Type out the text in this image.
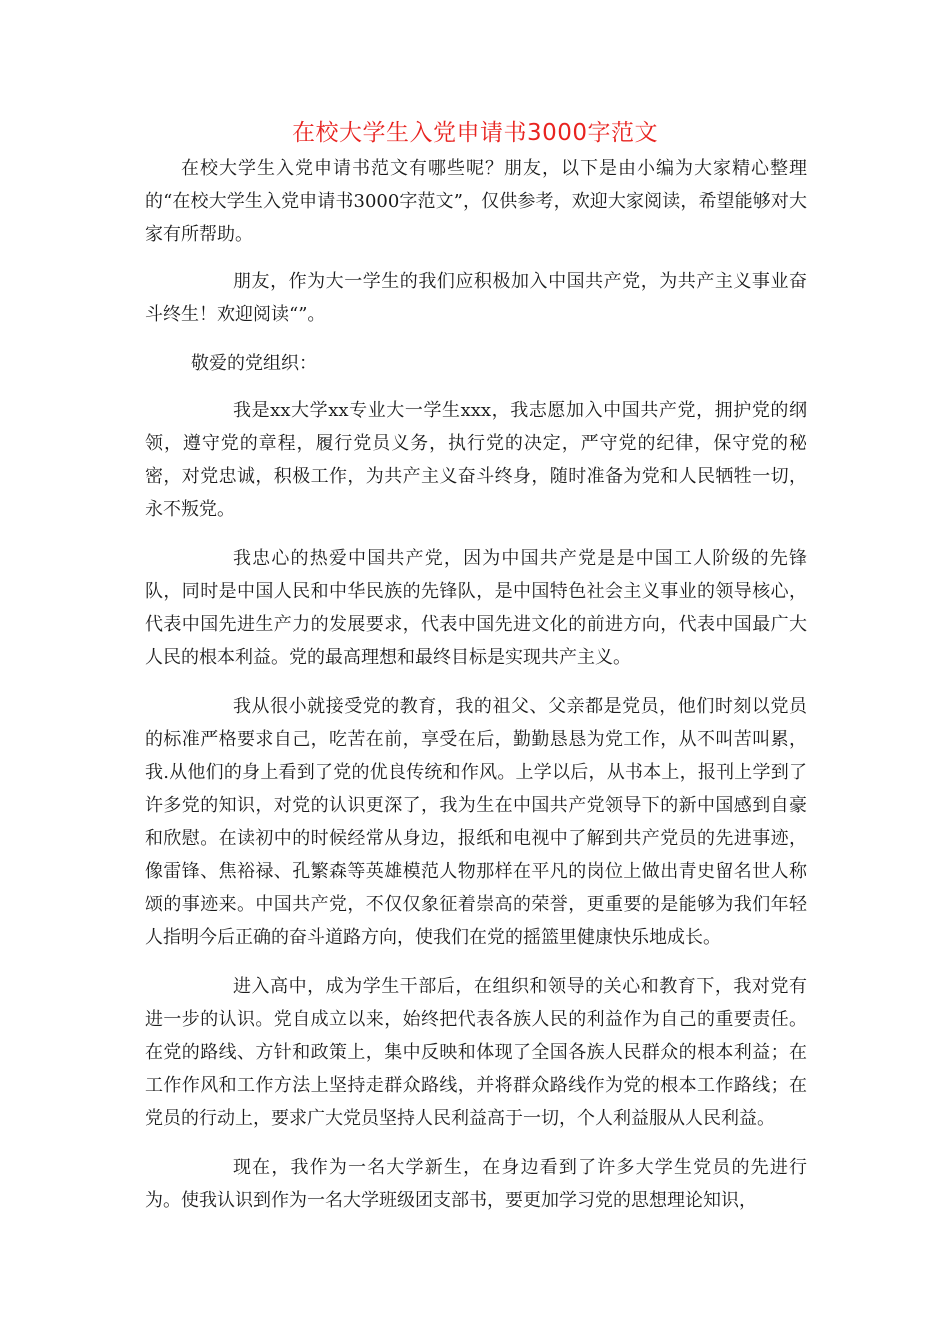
在校大学生入党申请书3000字范文

在校大学生入党申请书范文有哪些呢？朋友，以下是由小编为大家精心整理的“在校大学生入党申请书3000字范文”，仅供参考，欢迎大家阅读，希望能够对大家有所帮助。

朋友，作为大一学生的我们应积极加入中国共产党，为共产主义事业奋斗终生！欢迎阅读“”。

敬爱的党组织：

我是xx大学xx专业大一学生xxx，我志愿加入中国共产党，拥护党的纲领，遵守党的章程，履行党员义务，执行党的决定，严守党的纪律，保守党的秘密，对党忠诚，积极工作，为共产主义奋斗终身，随时准备为党和人民牺牲一切，永不叛党。

我忠心的热爱中国共产党，因为中国共产党是是中国工人阶级的先锋队，同时是中国人民和中华民族的先锋队，是中国特色社会主义事业的领导核心，代表中国先进生产力的发展要求，代表中国先进文化的前进方向，代表中国最广大人民的根本利益。党的最高理想和最终目标是实现共产主义。

我从很小就接受党的教育，我的祖父、父亲都是党员，他们时刻以党员的标准严格要求自己，吃苦在前，享受在后，勤勤恳恳为党工作，从不叫苦叫累，我.从他们的身上看到了党的优良传统和作风。上学以后，从书本上，报刊上学到了许多党的知识，对党的认识更深了，我为生在中国共产党领导下的新中国感到自豪和欣慰。在读初中的时候经常从身边，报纸和电视中了解到共产党员的先进事迹，像雷锋、焦裕禄、孔繁森等英雄模范人物那样在平凡的岗位上做出青史留名世人称颂的事迹来。中国共产党，不仅仅象征着崇高的荣誉，更重要的是能够为我们年轻人指明今后正确的奋斗道路方向，使我们在党的摇篮里健康快乐地成长。

进入高中，成为学生干部后，在组织和领导的关心和教育下，我对党有进一步的认识。党自成立以来，始终把代表各族人民的利益作为自己的重要责任。在党的路线、方针和政策上，集中反映和体现了全国各族人民群众的根本利益；在工作作风和工作方法上坚持走群众路线，并将群众路线作为党的根本工作路线；在党员的行动上，要求广大党员坚持人民利益高于一切，个人利益服从人民利益。

现在，我作为一名大学新生，在身边看到了许多大学生党员的先进行为。使我认识到作为一名大学班级团支部书，要更加学习党的思想理论知识，
